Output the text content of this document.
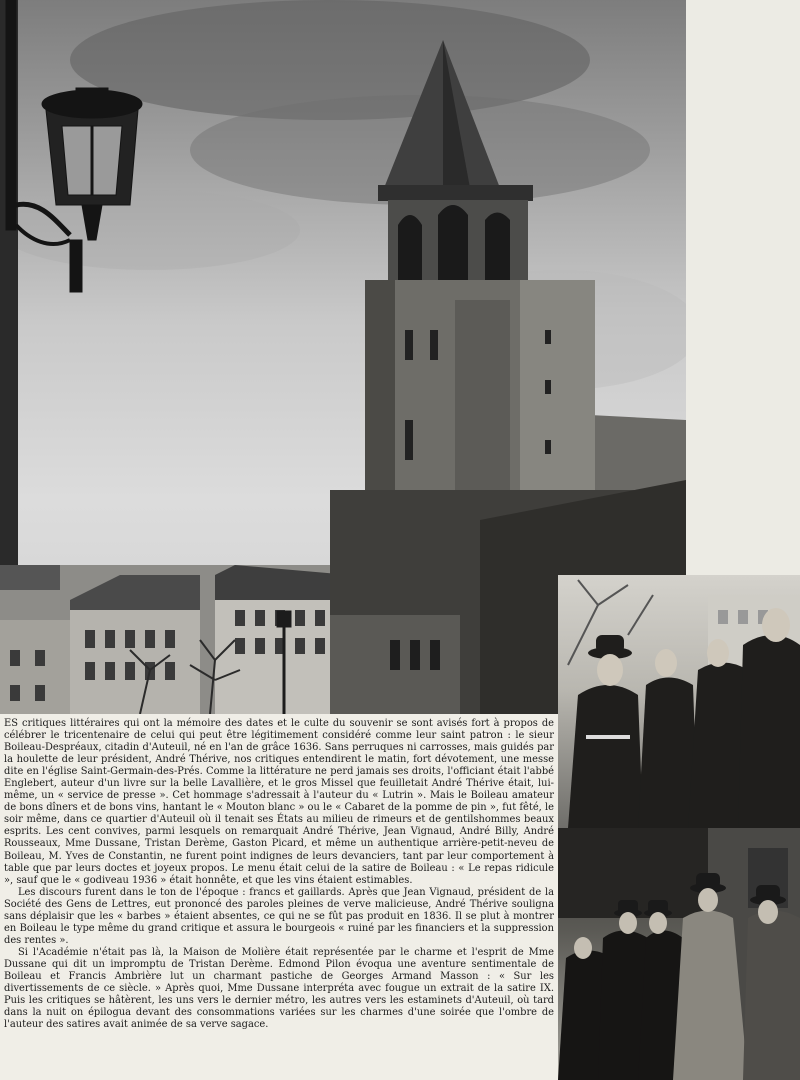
ES critiques littéraires qui ont la mémoire des dates et le culte du souvenir se sont avisés fort à propos de célébrer le tricentenaire de celui qui peut être légitimement considéré comme leur saint patron : le sieur Boileau-Despréaux, citadin d'Auteuil, né en l'an de grâce 1636. Sans perruques ni carrosses, mais guidés par la houlette de leur président, André Thérive, nos critiques entendirent le matin, fort dévotement, une messe dite en l'église Saint-Germain-des-Prés. Comme la littérature ne perd jamais ses droits, l'officiant était l'abbé Englebert, auteur d'un livre sur la belle Lavallière, et le gros Missel que feuilletait André Thérive était, lui-même, un « service de presse ». Cet hommage s'adressait à l'auteur du « Lutrin ». Mais le Boileau amateur de bons dîners et de bons vins, hantant le « Mouton blanc » ou le « Cabaret de la pomme de pin », fut fêté, le soir même, dans ce quartier d'Auteuil où il tenait ses États au milieu de rimeurs et de gentilshommes beaux esprits. Les cent convives, parmi lesquels on remarquait André Thérive, Jean Vignaud, André Billy, André Rousseaux, Mme Dussane, Tristan Derème, Gaston Picard, et même un authentique arrière-petit-neveu de Boileau, M. Yves de Constantin, ne furent point indignes de leurs devanciers, tant par leur comportement à table que par leurs doctes et joyeux propos. Le menu était celui de la satire de Boileau : « Le repas ridicule », sauf que le « godiveau 1936 » était honnête, et que les vins étaient estimables.

Les discours furent dans le ton de l'époque : francs et gaillards. Après que Jean Vignaud, président de la Société des Gens de Lettres, eut prononcé des paroles pleines de verve malicieuse, André Thérive souligna sans déplaisir que les « barbes » étaient absentes, ce qui ne se fût pas produit en 1836. Il se plut à montrer en Boileau le type même du grand critique et assura le bourgeois « ruiné par les financiers et la suppression des rentes ».

Si l'Académie n'était pas là, la Maison de Molière était représentée par le charme et l'esprit de Mme Dussane qui dit un impromptu de Tristan Derème. Edmond Pilon évoqua une aventure sentimentale de Boileau et Francis Ambrière lut un charmant pastiche de Georges Armand Masson : « Sur les divertissements de ce siècle. » Après quoi, Mme Dussane interpréta avec fougue un extrait de la satire IX. Puis les critiques se hâtèrent, les uns vers le dernier métro, les autres vers les estaminets d'Auteuil, où tard dans la nuit on épilogua devant des consommations variées sur les charmes d'une soirée que l'ombre de l'auteur des satires avait animée de sa verve sagace.
